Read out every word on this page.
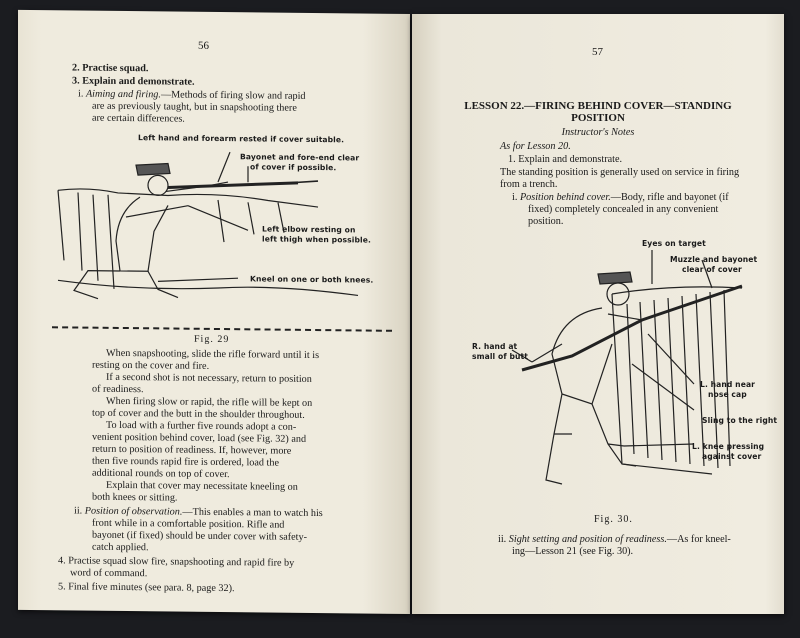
56
2. Practise squad.
3. Explain and demonstrate.
i. Aiming and firing.—Methods of firing slow and rapid
are as previously taught, but in snapshooting there
are certain differences.
Left hand and forearm rested if cover suitable.
Bayonet and fore-end clear
of cover if possible.
Left elbow resting on
left thigh when possible.
Kneel on one or both knees.
Fig. 29
When snapshooting, slide the rifle forward until it is
resting on the cover and fire.
If a second shot is not necessary, return to position
of readiness.
When firing slow or rapid, the rifle will be kept on
top of cover and the butt in the shoulder throughout.
To load with a further five rounds adopt a con-
venient position behind cover, load (see Fig. 32) and
return to position of readiness. If, however, more
then five rounds rapid fire is ordered, load the
additional rounds on top of cover.
Explain that cover may necessitate kneeling on
both knees or sitting.
ii. Position of observation.—This enables a man to watch his
front while in a comfortable position. Rifle and
bayonet (if fixed) should be under cover with safety-
catch applied.
4. Practise squad slow fire, snapshooting and rapid fire by
word of command.
5. Final five minutes (see para. 8, page 32).
57
LESSON 22.—FIRING BEHIND COVER—STANDING
POSITION
Instructor's Notes
As for Lesson 20.
1. Explain and demonstrate.
The standing position is generally used on service in firing
from a trench.
i. Position behind cover.—Body, rifle and bayonet (if
fixed) completely concealed in any convenient
position.
Eyes on target
Muzzle and bayonet
clear of cover
R. hand at
small of butt
L. hand near
nose cap
Sling to the right
L. knee pressing
against cover
Fig. 30.
ii. Sight setting and position of readiness.—As for kneel-
ing—Lesson 21 (see Fig. 30).
